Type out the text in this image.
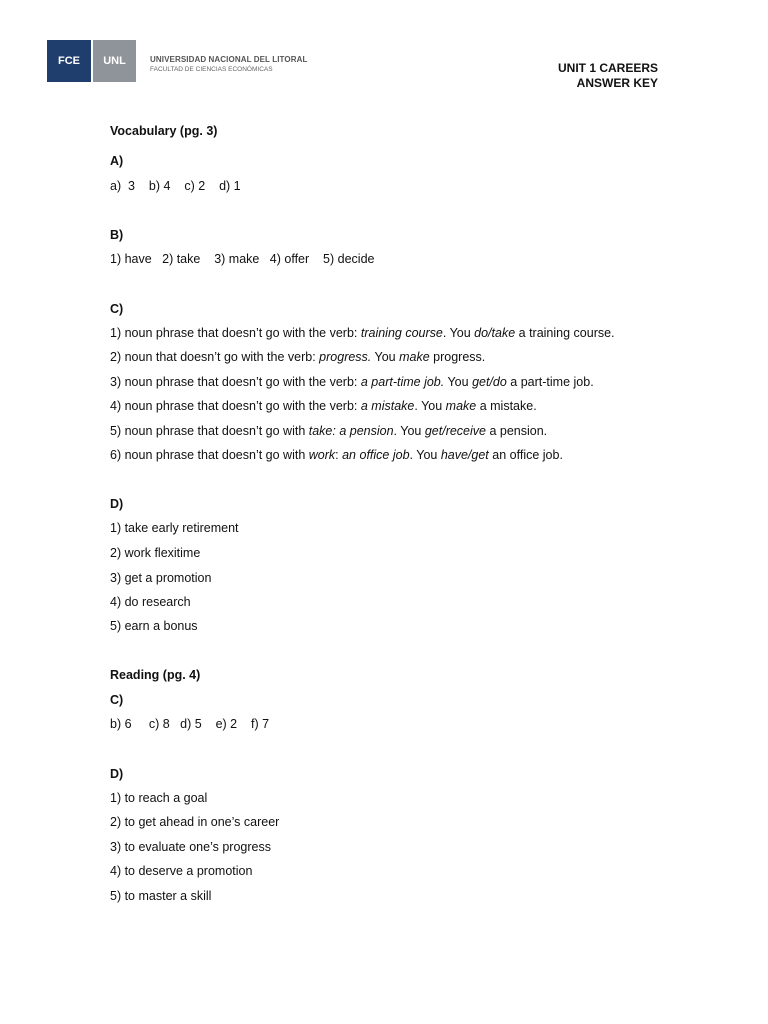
FCE	UNL	UNIVERSIDAD NACIONAL DEL LITORAL
FACULTAD DE CIENCIAS ECONÓMICAS	UNIT 1 CAREERS
ANSWER KEY
Vocabulary (pg. 3)
A)
a)  3    b) 4    c) 2    d) 1
B)
1) have   2) take    3) make   4) offer    5) decide
C)
1) noun phrase that doesn’t go with the verb: training course. You do/take a training course.
2) noun that doesn’t go with the verb: progress. You make progress.
3) noun phrase that doesn’t go with the verb: a part-time job. You get/do a part-time job.
4) noun phrase that doesn’t go with the verb: a mistake. You make a mistake.
5) noun phrase that doesn’t go with take: a pension. You get/receive a pension.
6) noun phrase that doesn’t go with work: an office job. You have/get an office job.
D)
1) take early retirement
2) work flexitime
3) get a promotion
4) do research
5) earn a bonus
Reading (pg. 4)
C)
b) 6     c) 8   d) 5    e) 2    f) 7
D)
1) to reach a goal
2) to get ahead in one’s career
3) to evaluate one’s progress
4) to deserve a promotion
5) to master a skill
